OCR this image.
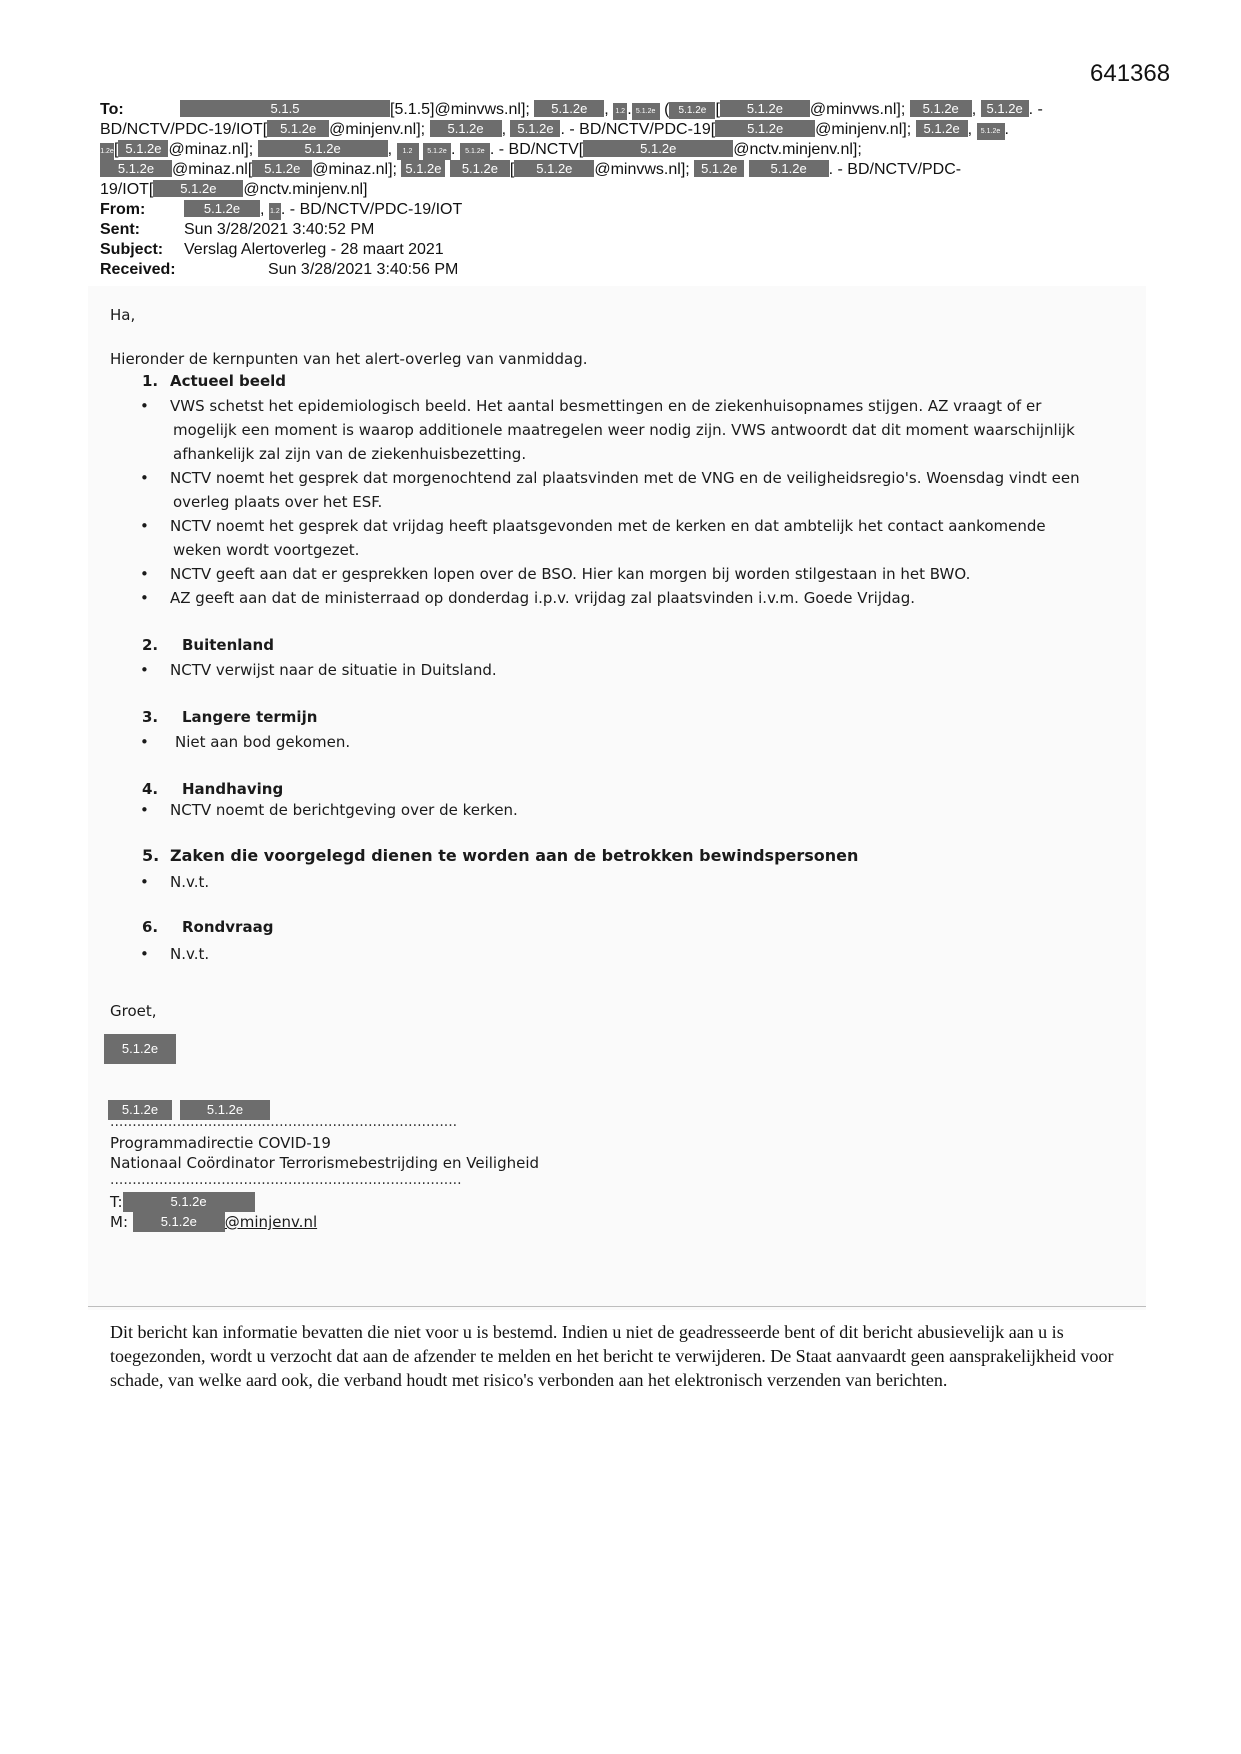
641368
To:	5.1.5	[5.1.5]@minvws.nl]; 5.1.2e , 1.2 . 5.1.2e ( 5.1.2e [ 5.1.2e @minvws.nl]; 5.1.2e , 5.1.2e . -
BD/NCTV/PDC-19/IOT[ 5.1.2e @minjenv.nl]; 5.1.2e , 5.1.2e . - BD/NCTV/PDC-19[ 5.1.2e @minjenv.nl]; 5.1.2e , 5.1.2e .
1.2e[ 5.1.2e @minaz.nl];	5.1.2e	, 1.2 5.1.2e . 5.1.2e . - BD/NCTV[	5.1.2e	@nctv.minjenv.nl];
5.1.2e @minaz.nl[ 5.1.2e @minaz.nl]; 5.1.2e 5.1.2e [ 5.1.2e @minvws.nl]; 5.1.2e	5.1.2e . - BD/NCTV/PDC-
19/IOT[ 5.1.2e @nctv.minjenv.nl]
From:	5.1.2e , 1.2. - BD/NCTV/PDC-19/IOT
Sent:	Sun 3/28/2021 3:40:52 PM
Subject: Verslag Alertoverleg - 28 maart 2021
Received:	Sun 3/28/2021 3:40:56 PM
Ha,
Hieronder de kernpunten van het alert-overleg van vanmiddag.
1. Actueel beeld
• VWS schetst het epidemiologisch beeld. Het aantal besmettingen en de ziekenhuisopnames stijgen. AZ vraagt of er
mogelijk een moment is waarop additionele maatregelen weer nodig zijn. VWS antwoordt dat dit moment waarschijnlijk
afhankelijk zal zijn van de ziekenhuisbezetting.
• NCTV noemt het gesprek dat morgenochtend zal plaatsvinden met de VNG en de veiligheidsregio's. Woensdag vindt een
overleg plaats over het ESF.
• NCTV noemt het gesprek dat vrijdag heeft plaatsgevonden met de kerken en dat ambtelijk het contact aankomende
weken wordt voortgezet.
• NCTV geeft aan dat er gesprekken lopen over de BSO. Hier kan morgen bij worden stilgestaan in het BWO.
• AZ geeft aan dat de ministerraad op donderdag i.p.v. vrijdag zal plaatsvinden i.v.m. Goede Vrijdag.
2. Buitenland
• NCTV verwijst naar de situatie in Duitsland.
3. Langere termijn
• Niet aan bod gekomen.
4. Handhaving
• NCTV noemt de berichtgeving over de kerken.
5. Zaken die voorgelegd dienen te worden aan de betrokken bewindspersonen
• N.v.t.
6. Rondvraag
• N.v.t.
Groet,
5.1.2e
5.1.2e	5.1.2e
..............................................................................
Programmadirectie COVID-19
Nationaal Coördinator Terrorismebestrijding en Veiligheid
...............................................................................
T:	5.1.2e
M:	5.1.2e @minjenv.nl
Dit bericht kan informatie bevatten die niet voor u is bestemd. Indien u niet de geadresseerde bent of dit bericht abusievelijk aan u is toegezonden, wordt u verzocht dat aan de afzender te melden en het bericht te verwijderen. De Staat aanvaardt geen aansprakelijkheid voor schade, van welke aard ook, die verband houdt met risico's verbonden aan het elektronisch verzenden van berichten.
